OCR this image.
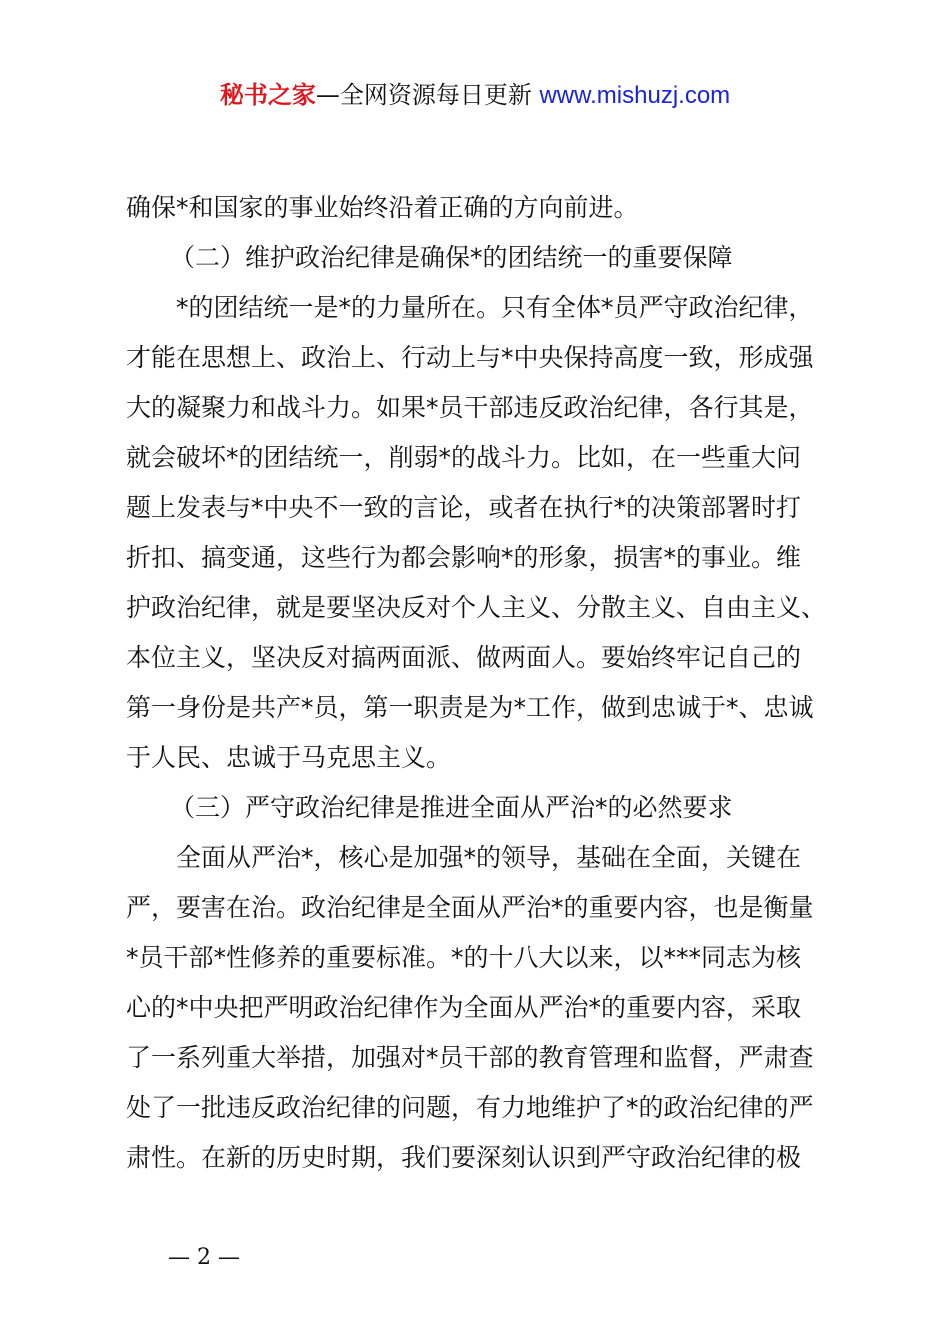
秘书之家—全网资源每日更新 www.mishuzj.com
确保*和国家的事业始终沿着正确的方向前进。
（二）维护政治纪律是确保*的团结统一的重要保障
*的团结统一是*的力量所在。只有全体*员严守政治纪律，
才能在思想上、政治上、行动上与*中央保持高度一致，形成强
大的凝聚力和战斗力。如果*员干部违反政治纪律，各行其是，
就会破坏*的团结统一，削弱*的战斗力。比如，在一些重大问
题上发表与*中央不一致的言论，或者在执行*的决策部署时打
折扣、搞变通，这些行为都会影响*的形象，损害*的事业。维
护政治纪律，就是要坚决反对个人主义、分散主义、自由主义、
本位主义，坚决反对搞两面派、做两面人。要始终牢记自己的
第一身份是共产*员，第一职责是为*工作，做到忠诚于*、忠诚
于人民、忠诚于马克思主义。
（三）严守政治纪律是推进全面从严治*的必然要求
全面从严治*，核心是加强*的领导，基础在全面，关键在
严，要害在治。政治纪律是全面从严治*的重要内容，也是衡量
*员干部*性修养的重要标准。*的十八大以来，以***同志为核
心的*中央把严明政治纪律作为全面从严治*的重要内容，采取
了一系列重大举措，加强对*员干部的教育管理和监督，严肃查
处了一批违反政治纪律的问题，有力地维护了*的政治纪律的严
肃性。在新的历史时期，我们要深刻认识到严守政治纪律的极
— 2 —
